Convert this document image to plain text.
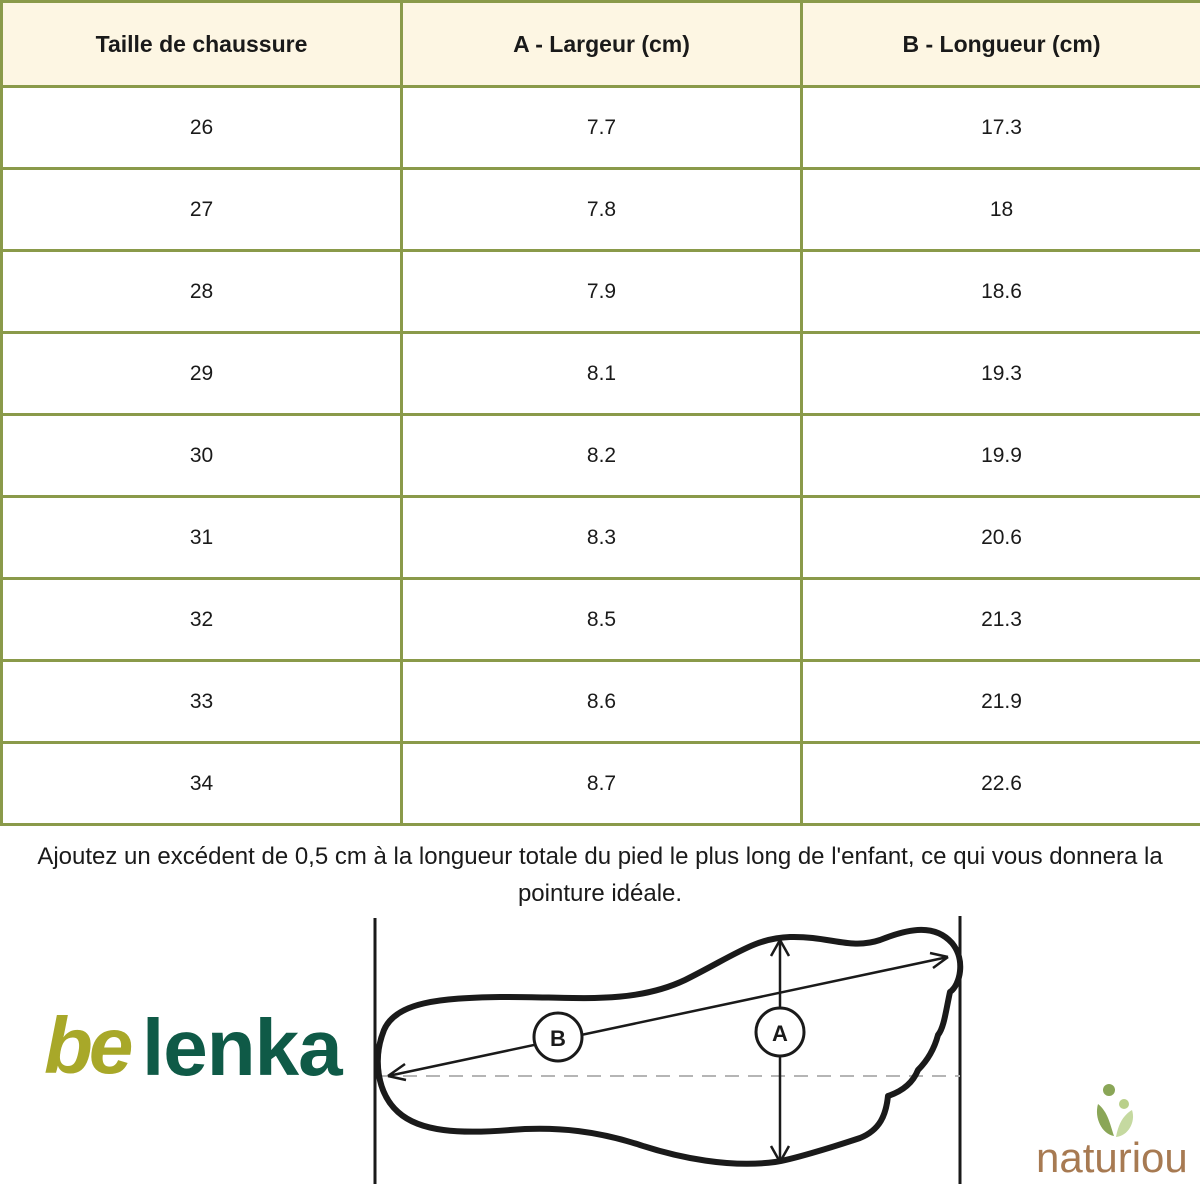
Taille de chaussure	A - Largeur (cm)	B - Longueur (cm)
26	7.7	17.3
27	7.8	18
28	7.9	18.6
29	8.1	19.3
30	8.2	19.9
31	8.3	20.6
32	8.5	21.3
33	8.6	21.9
34	8.7	22.6

Ajoutez un excédent de 0,5 cm à la longueur totale du pied le plus long de l'enfant, ce qui vous donnera la pointure idéale.

be lenka	B	A
naturiou
